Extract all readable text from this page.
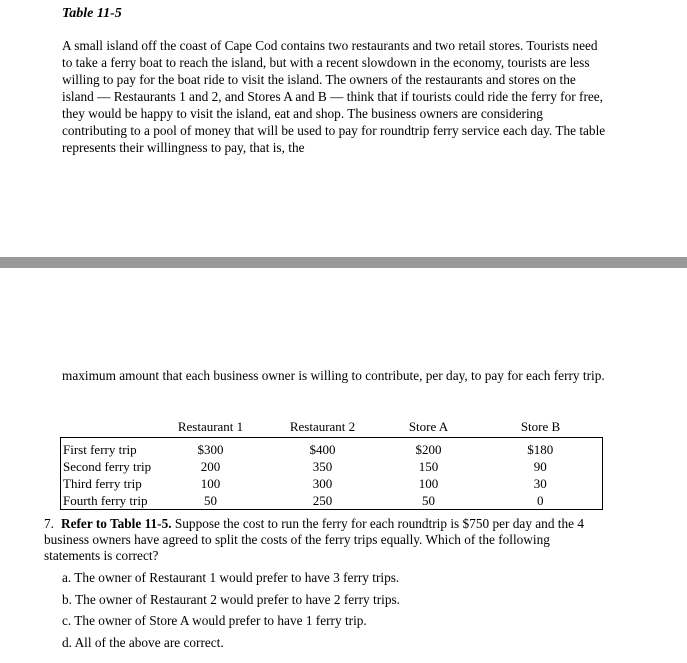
Table 11-5

A small island off the coast of Cape Cod contains two restaurants and two retail stores. Tourists need to take a ferry boat to reach the island, but with a recent slowdown in the economy, tourists are less willing to pay for the boat ride to visit the island. The owners of the restaurants and stores on the island — Restaurants 1 and 2, and Stores A and B — think that if tourists could ride the ferry for free, they would be happy to visit the island, eat and shop. The business owners are considering contributing to a pool of money that will be used to pay for roundtrip ferry service each day. The table represents their willingness to pay, that is, the

maximum amount that each business owner is willing to contribute, per day, to pay for each ferry trip.

	Restaurant 1	Restaurant 2	Store A	Store B
First ferry trip	$300	$400	$200	$180
Second ferry trip	200	350	150	90
Third ferry trip	100	300	100	30
Fourth ferry trip	50	250	50	0

7. Refer to Table 11-5. Suppose the cost to run the ferry for each roundtrip is $750 per day and the 4 business owners have agreed to split the costs of the ferry trips equally. Which of the following statements is correct?

a. The owner of Restaurant 1 would prefer to have 3 ferry trips.
b. The owner of Restaurant 2 would prefer to have 2 ferry trips.
c. The owner of Store A would prefer to have 1 ferry trip.
d. All of the above are correct.
